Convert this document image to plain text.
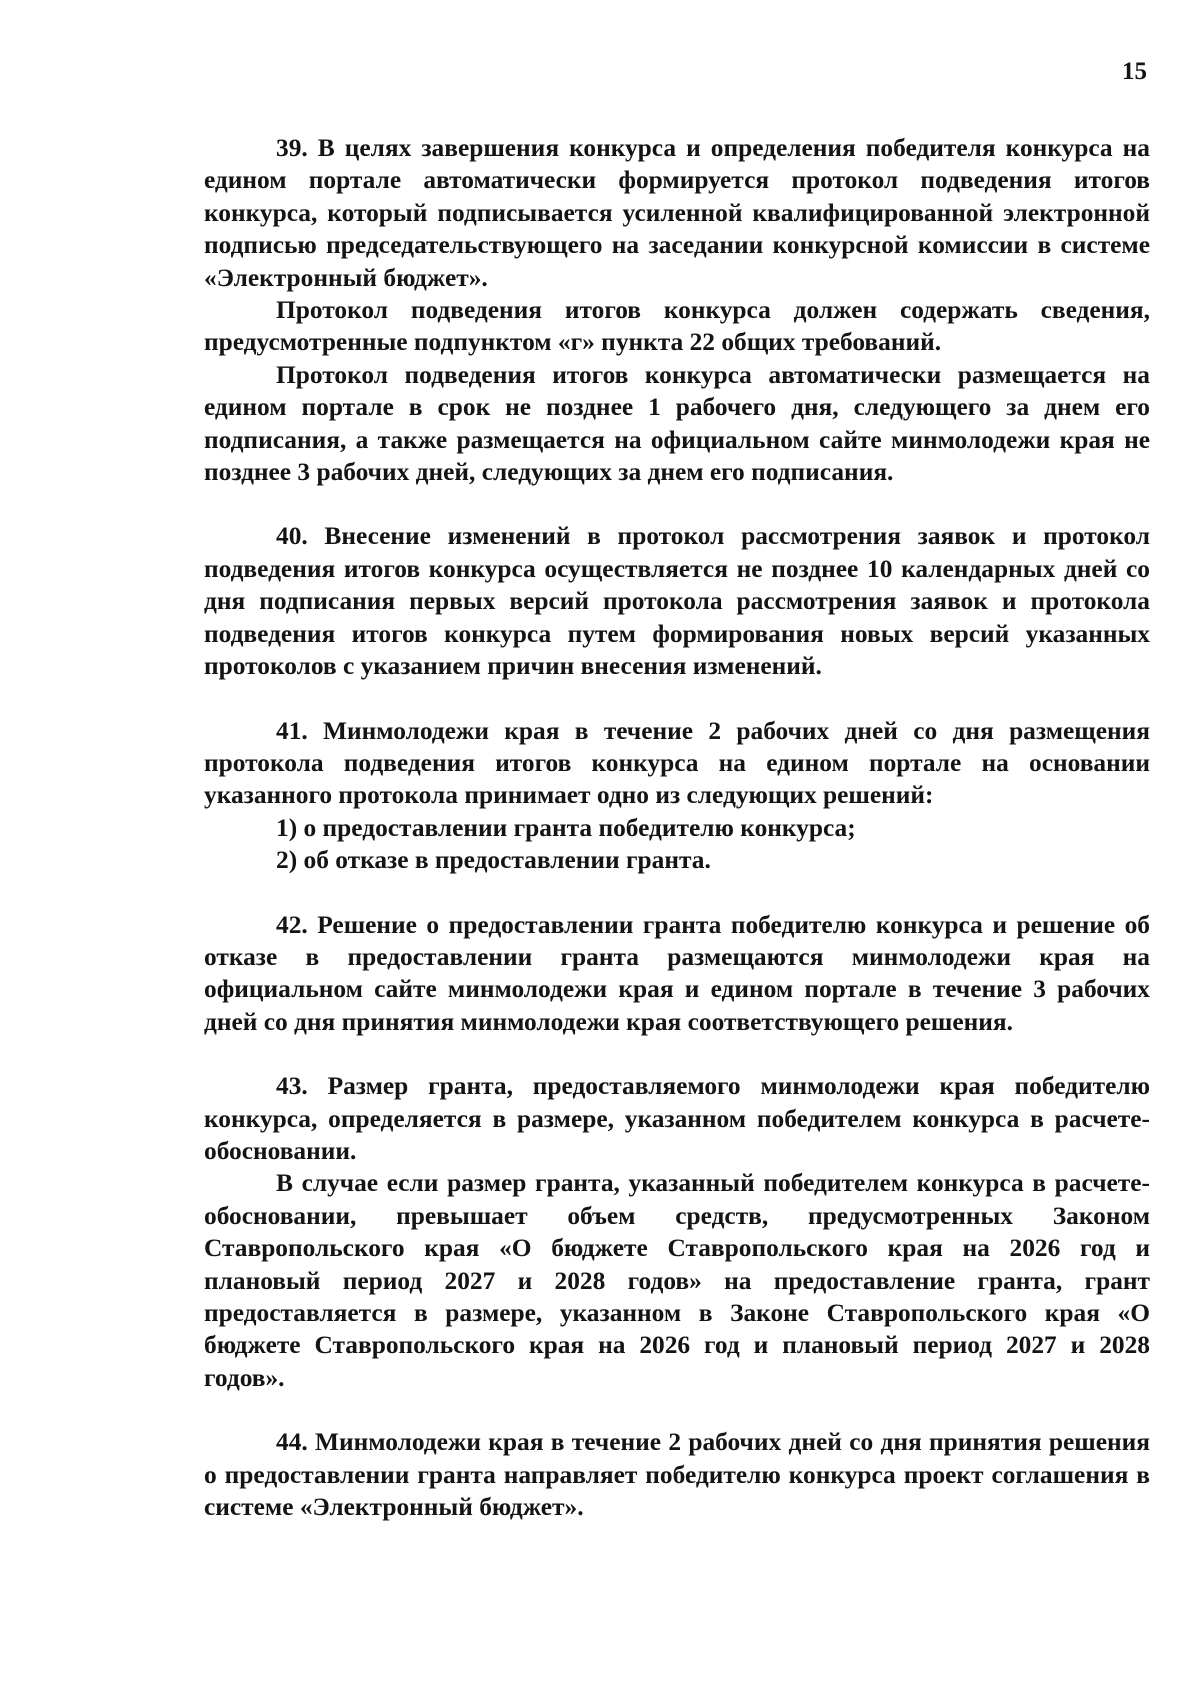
15

39. В целях завершения конкурса и определения победителя конкурса на едином портале автоматически формируется протокол подведения итогов конкурса, который подписывается усиленной квалифицированной электронной подписью председательствующего на заседании конкурсной комиссии в системе «Электронный бюджет».

Протокол подведения итогов конкурса должен содержать сведения, предусмотренные подпунктом «г» пункта 22 общих требований.

Протокол подведения итогов конкурса автоматически размещается на едином портале в срок не позднее 1 рабочего дня, следующего за днем его подписания, а также размещается на официальном сайте минмолодежи края не позднее 3 рабочих дней, следующих за днем его подписания.

40. Внесение изменений в протокол рассмотрения заявок и протокол подведения итогов конкурса осуществляется не позднее 10 календарных дней со дня подписания первых версий протокола рассмотрения заявок и протокола подведения итогов конкурса путем формирования новых версий указанных протоколов с указанием причин внесения изменений.

41. Минмолодежи края в течение 2 рабочих дней со дня размещения протокола подведения итогов конкурса на едином портале на основании указанного протокола принимает одно из следующих решений:

1) о предоставлении гранта победителю конкурса;

2) об отказе в предоставлении гранта.

42. Решение о предоставлении гранта победителю конкурса и решение об отказе в предоставлении гранта размещаются минмолодежи края на официальном сайте минмолодежи края и едином портале в течение 3 рабочих дней со дня принятия минмолодежи края соответствующего решения.

43. Размер гранта, предоставляемого минмолодежи края победителю конкурса, определяется в размере, указанном победителем конкурса в расчете-обосновании.

В случае если размер гранта, указанный победителем конкурса в расчете-обосновании, превышает объем средств, предусмотренных Законом Ставропольского края «О бюджете Ставропольского края на 2026 год и плановый период 2027 и 2028 годов» на предоставление гранта, грант предоставляется в размере, указанном в Законе Ставропольского края «О бюджете Ставропольского края на 2026 год и плановый период 2027 и 2028 годов».

44. Минмолодежи края в течение 2 рабочих дней со дня принятия решения о предоставлении гранта направляет победителю конкурса проект соглашения в системе «Электронный бюджет».
